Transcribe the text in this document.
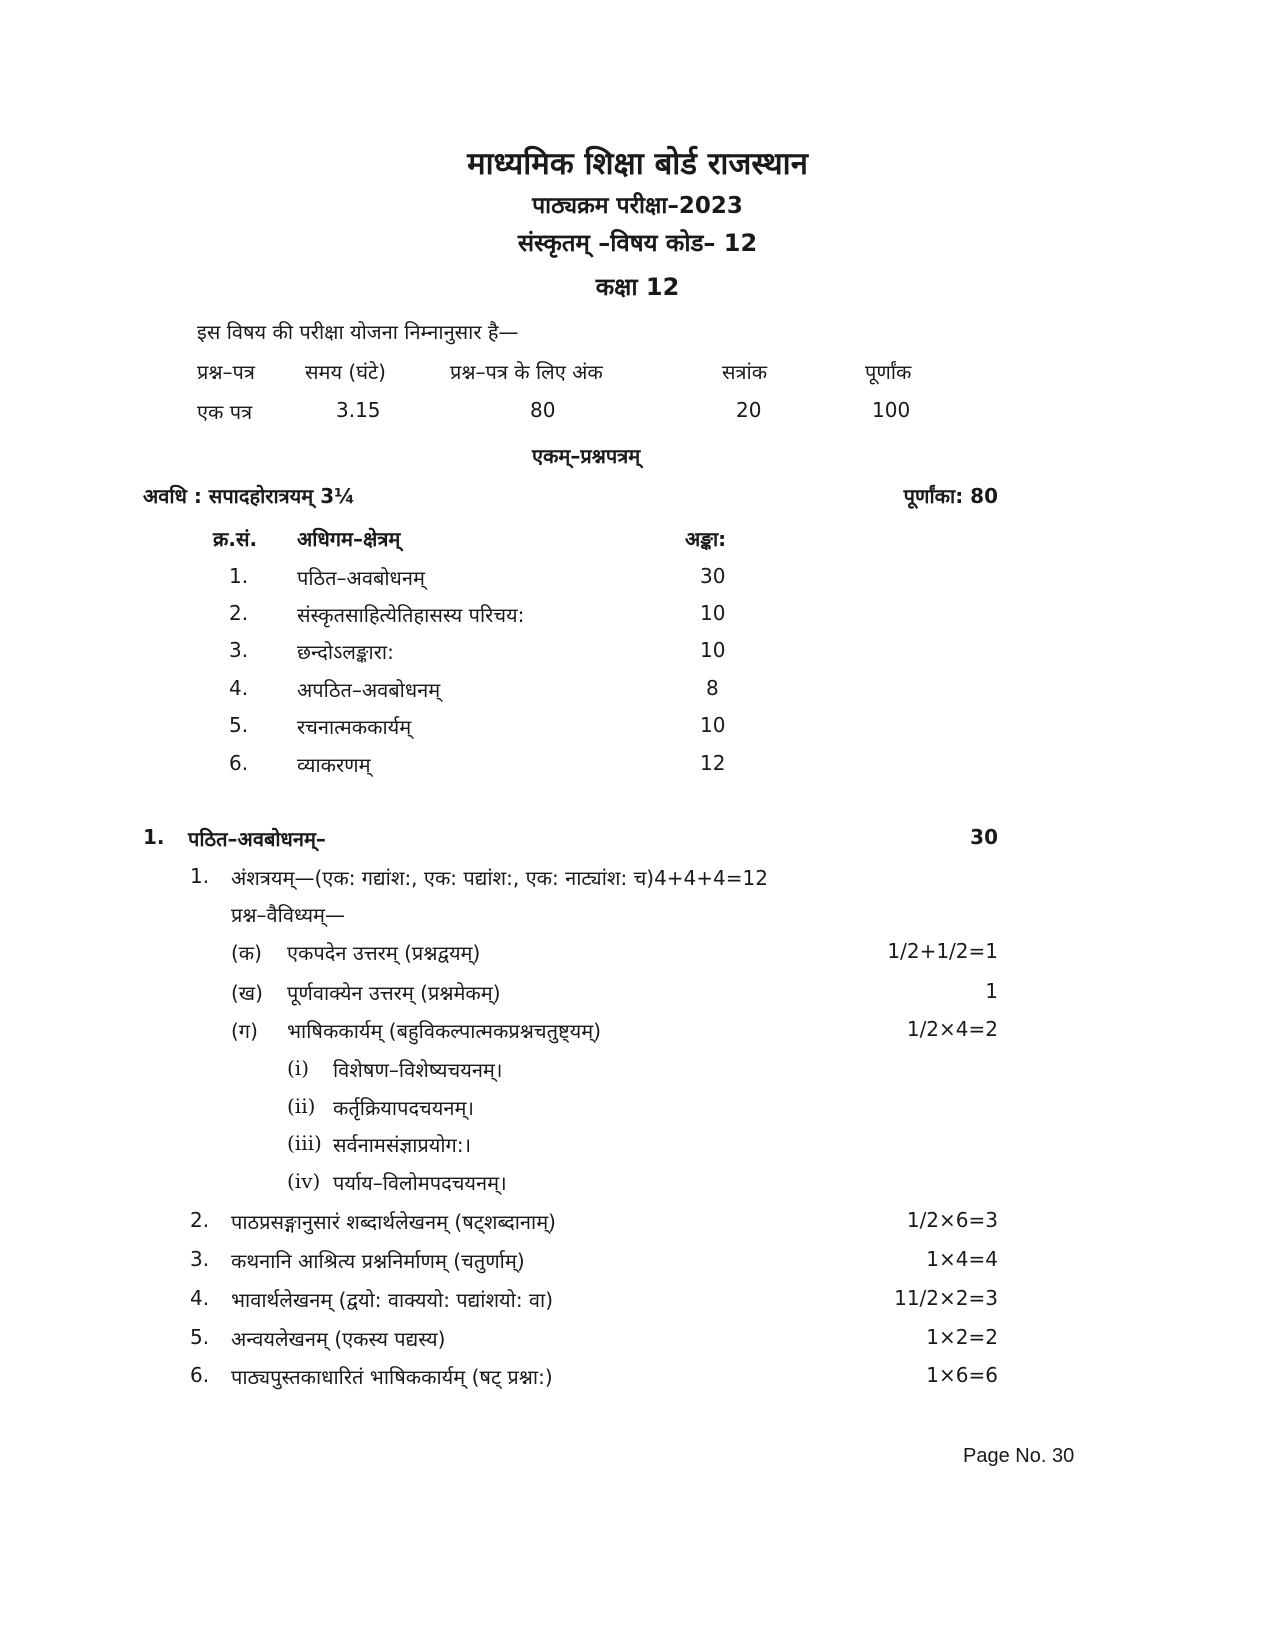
माध्यमिक शिक्षा बोर्ड राजस्थान
पाठ्यक्रम परीक्षा–2023
संस्कृतम् –विषय कोड– 12
कक्षा 12
इस विषय की परीक्षा योजना निम्नानुसार है—
प्रश्न–पत्र	समय (घंटे)	प्रश्न–पत्र के लिए अंक	सत्रांक	पूर्णांक
एक पत्र	3.15	80	20	100
एकम्–प्रश्नपत्रम्
अवधि : सपादहोरात्रयम् 3¼	पूर्णांका: 80
क्र.सं. अधिगम–क्षेत्रम्	अङ्का:
1. पठित–अवबोधनम्	30
2. संस्कृतसाहित्येतिहासस्य परिचय:	10
3. छन्दोऽलङ्कारा:	10
4. अपठित–अवबोधनम्	8
5. रचनात्मककार्यम्	10
6. व्याकरणम्	12
1. पठित–अवबोधनम्–	30
1. अंशत्रयम्—(एक: गद्यांश:, एक: पद्यांश:, एक: नाट्यांश: च)4+4+4=12
प्रश्न–वैविध्यम्—
(क) एकपदेन उत्तरम् (प्रश्नद्वयम्)	1/2+1/2=1
(ख) पूर्णवाक्येन उत्तरम् (प्रश्नमेकम्)	1
(ग) भाषिककार्यम् (बहुविकल्पात्मकप्रश्नचतुष्ट्यम्)	1/2×4=2
(i) विशेषण–विशेष्यचयनम्।
(ii) कर्तृक्रियापदचयनम्।
(iii) सर्वनामसंज्ञाप्रयोग:।
(iv) पर्याय–विलोमपदचयनम्।
2. पाठप्रसङ्गानुसारं शब्दार्थलेखनम् (षट्शब्दानाम्)	1/2×6=3
3. कथनानि आश्रित्य प्रश्ननिर्माणम् (चतुर्णाम्)	1×4=4
4. भावार्थलेखनम् (द्वयो: वाक्ययो: पद्यांशयो: वा)	11/2×2=3
5. अन्वयलेखनम् (एकस्य पद्यस्य)	1×2=2
6. पाठ्यपुस्तकाधारितं भाषिककार्यम् (षट् प्रश्ना:)	1×6=6
Page No. 30
